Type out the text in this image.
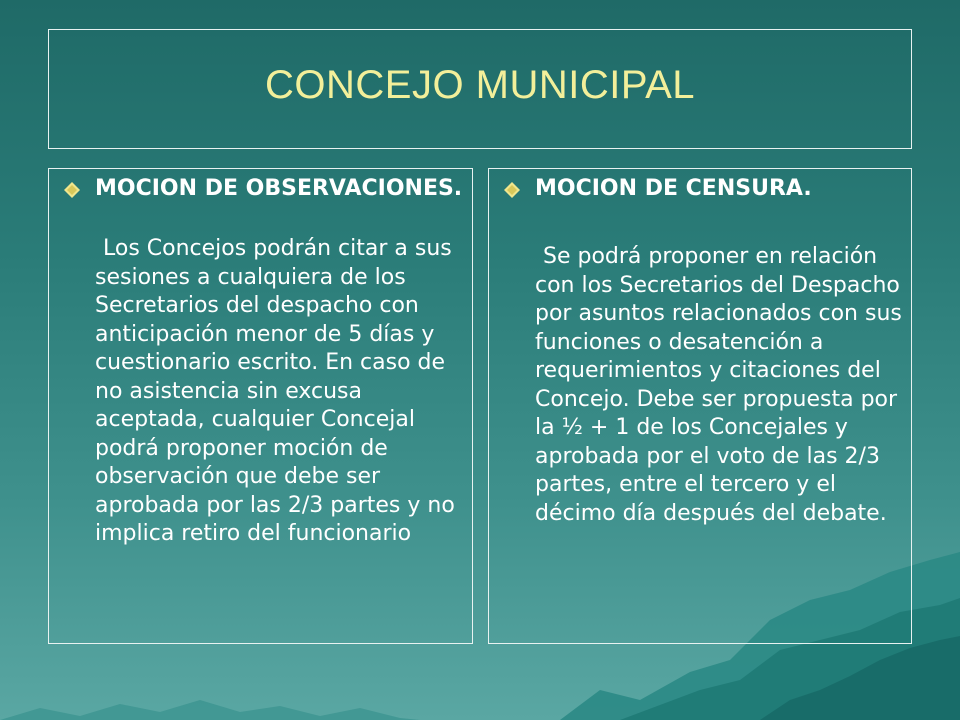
CONCEJO MUNICIPAL
MOCION DE OBSERVACIONES.
Los Concejos podrán citar a sus sesiones a cualquiera de los Secretarios del despacho con anticipación menor de 5 días y cuestionario escrito. En caso de no asistencia sin excusa aceptada, cualquier Concejal podrá proponer moción de observación que debe ser aprobada por las 2/3 partes y no implica retiro del funcionario
MOCION DE CENSURA.
Se podrá proponer en relación con los Secretarios del Despacho por asuntos relacionados con sus funciones o desatención a requerimientos y citaciones del Concejo. Debe ser propuesta por la ½ + 1 de los Concejales y aprobada por el voto de las 2/3 partes, entre el tercero y el décimo día después del debate.
